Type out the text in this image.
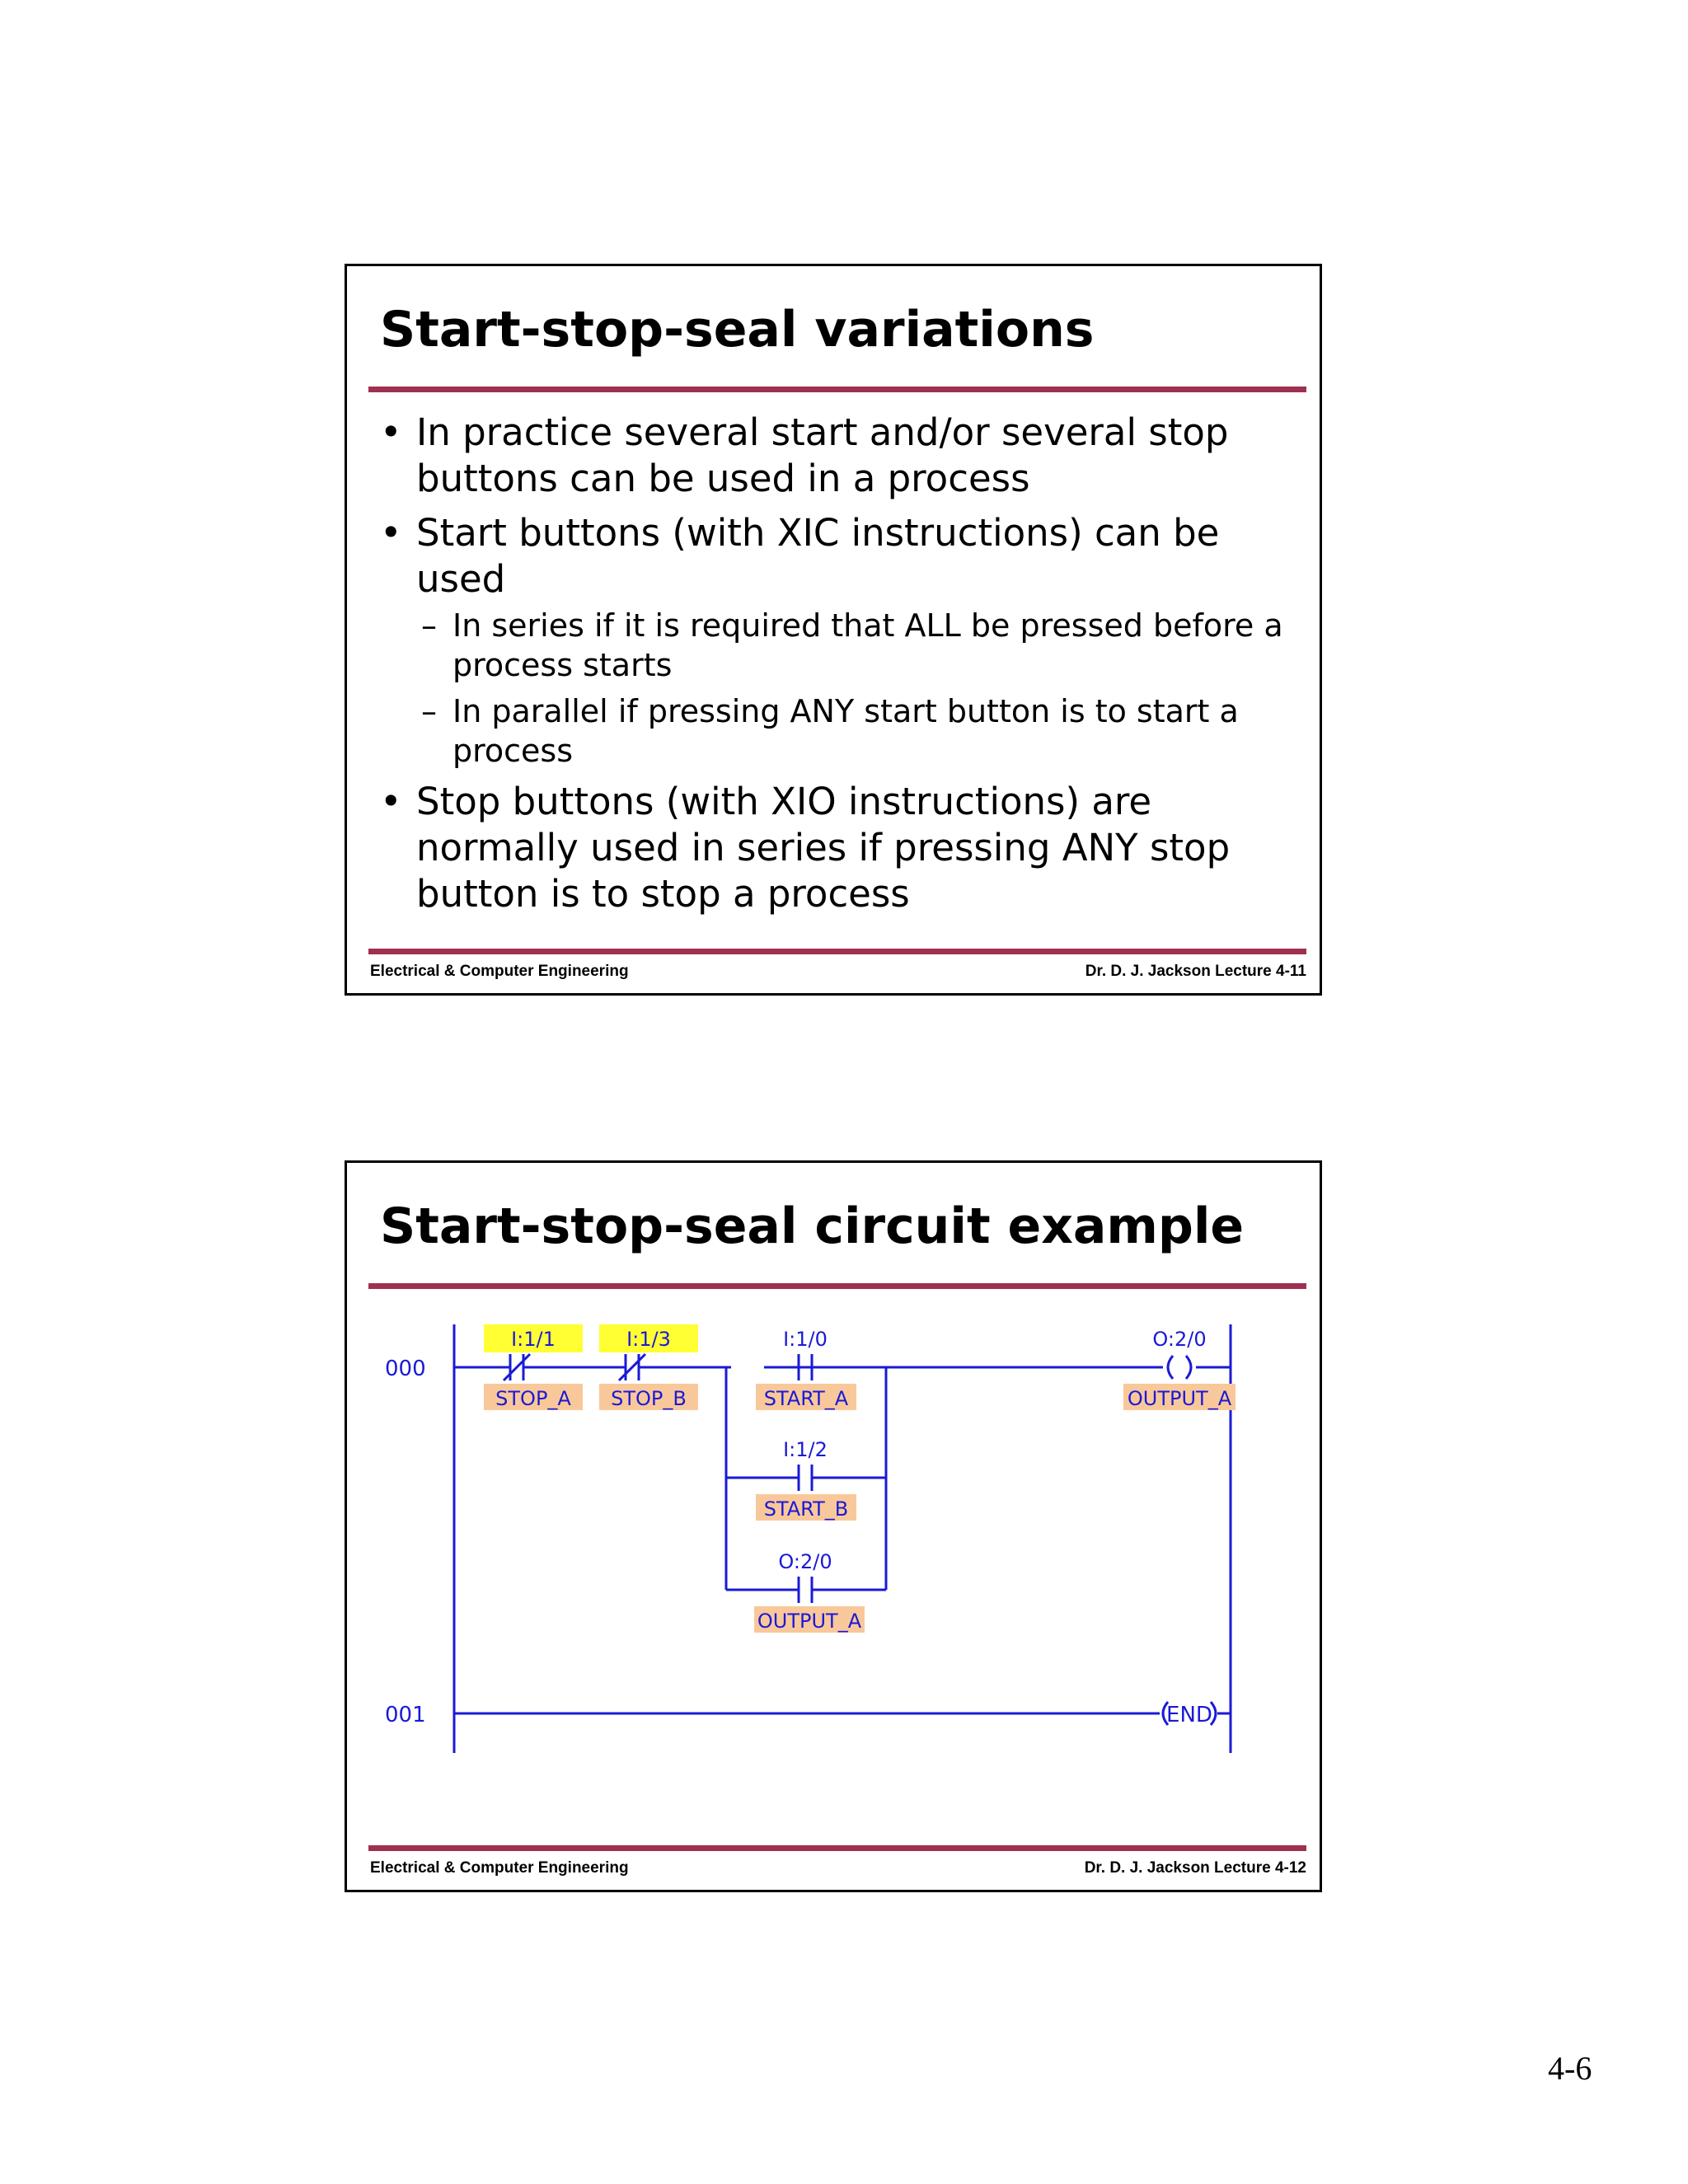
Start-stop-seal variations
• In practice several start and/or several stop buttons can be used in a process
• Start buttons (with XIC instructions) can be used
– In series if it is required that ALL be pressed before a process starts
– In parallel if pressing ANY start button is to start a process
• Stop buttons (with XIO instructions) are normally used in series if pressing ANY stop button is to stop a process
Electrical & Computer Engineering	Dr. D. J. Jackson Lecture 4-11
Start-stop-seal circuit example
000
001
I:1/1
STOP_A
I:1/3
STOP_B
I:1/0
START_A
I:1/2
START_B
O:2/0
OUTPUT_A
O:2/0
OUTPUT_A
END
Electrical & Computer Engineering	Dr. D. J. Jackson Lecture 4-12
4-6
